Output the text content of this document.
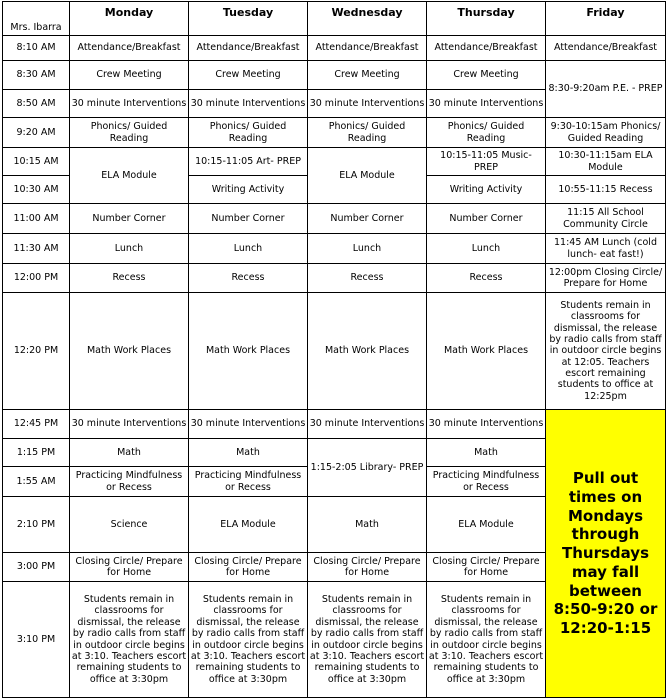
Mrs. Ibarra	Monday	Tuesday	Wednesday	Thursday	Friday
8:10 AM	Attendance/Breakfast	Attendance/Breakfast	Attendance/Breakfast	Attendance/Breakfast	Attendance/Breakfast
8:30 AM	Crew Meeting	Crew Meeting	Crew Meeting	Crew Meeting	8:30-9:20am P.E. - PREP
8:50 AM	30 minute Interventions	30 minute Interventions	30 minute Interventions	30 minute Interventions	
9:20 AM	Phonics/ Guided Reading	Phonics/ Guided Reading	Phonics/ Guided Reading	Phonics/ Guided Reading	9:30-10:15am Phonics/ Guided Reading
10:15 AM	ELA Module	10:15-11:05 Art- PREP	ELA Module	10:15-11:05 Music- PREP	10:30-11:15am ELA Module
10:30 AM		Writing Activity		Writing Activity	10:55-11:15 Recess
11:00 AM	Number Corner	Number Corner	Number Corner	Number Corner	11:15 All School Community Circle
11:30 AM	Lunch	Lunch	Lunch	Lunch	11:45 AM Lunch (cold lunch- eat fast!)
12:00 PM	Recess	Recess	Recess	Recess	12:00pm Closing Circle/ Prepare for Home
12:20 PM	Math Work Places	Math Work Places	Math Work Places	Math Work Places	Students remain in classrooms for dismissal, the release by radio calls from staff in outdoor circle begins at 12:05. Teachers escort remaining students to office at 12:25pm
12:45 PM	30 minute Interventions	30 minute Interventions	30 minute Interventions	30 minute Interventions	Pull out times on Mondays through Thursdays may fall between 8:50-9:20 or 12:20-1:15
1:15 PM	Math	Math	1:15-2:05 Library- PREP	Math	
1:55 AM	Practicing Mindfulness or Recess	Practicing Mindfulness or Recess		Practicing Mindfulness or Recess	
2:10 PM	Science	ELA Module	Math	ELA Module	
3:00 PM	Closing Circle/ Prepare for Home	Closing Circle/ Prepare for Home	Closing Circle/ Prepare for Home	Closing Circle/ Prepare for Home	
3:10 PM	Students remain in classrooms for dismissal, the release by radio calls from staff in outdoor circle begins at 3:10. Teachers escort remaining students to office at 3:30pm	Students remain in classrooms for dismissal, the release by radio calls from staff in outdoor circle begins at 3:10. Teachers escort remaining students to office at 3:30pm	Students remain in classrooms for dismissal, the release by radio calls from staff in outdoor circle begins at 3:10. Teachers escort remaining students to office at 3:30pm	Students remain in classrooms for dismissal, the release by radio calls from staff in outdoor circle begins at 3:10. Teachers escort remaining students to office at 3:30pm	
